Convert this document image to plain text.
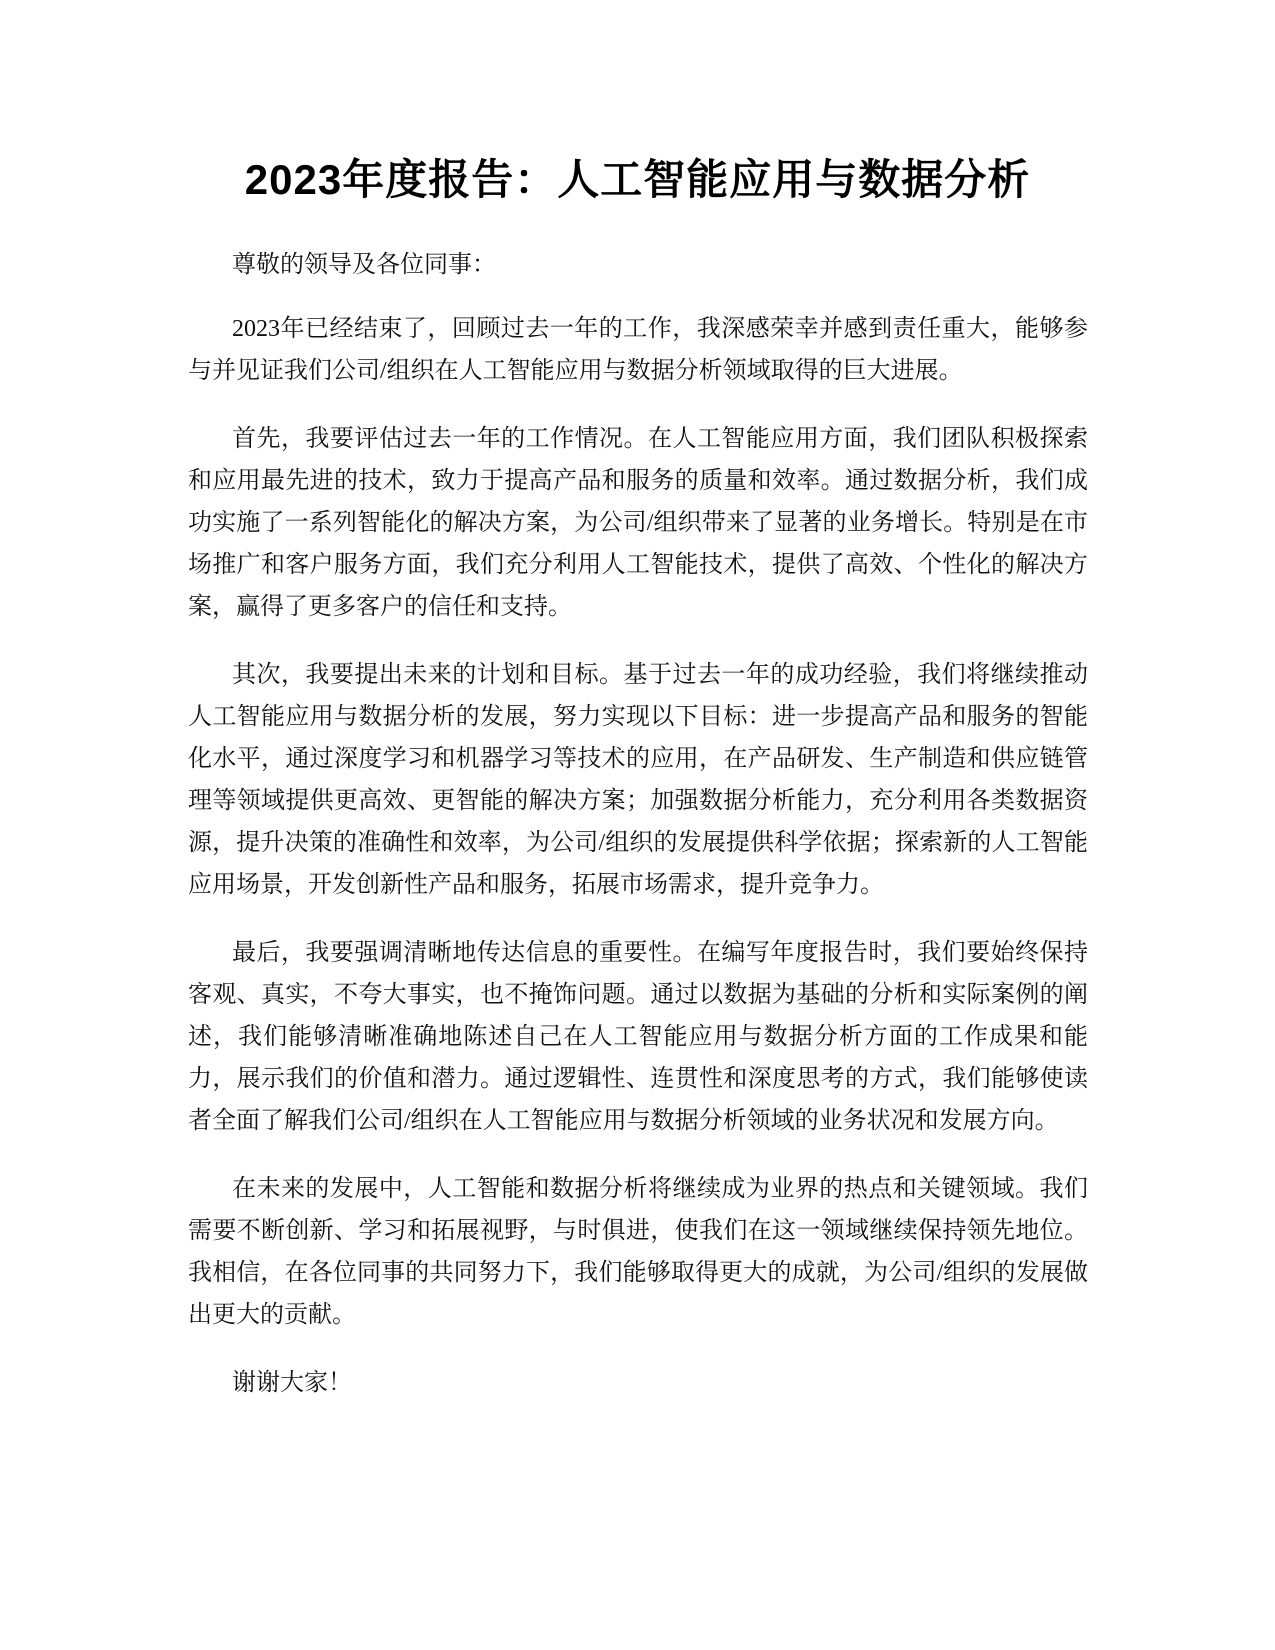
2023年度报告：人工智能应用与数据分析

尊敬的领导及各位同事：

2023年已经结束了，回顾过去一年的工作，我深感荣幸并感到责任重大，能够参与并见证我们公司/组织在人工智能应用与数据分析领域取得的巨大进展。

首先，我要评估过去一年的工作情况。在人工智能应用方面，我们团队积极探索和应用最先进的技术，致力于提高产品和服务的质量和效率。通过数据分析，我们成功实施了一系列智能化的解决方案，为公司/组织带来了显著的业务增长。特别是在市场推广和客户服务方面，我们充分利用人工智能技术，提供了高效、个性化的解决方案，赢得了更多客户的信任和支持。

其次，我要提出未来的计划和目标。基于过去一年的成功经验，我们将继续推动人工智能应用与数据分析的发展，努力实现以下目标：进一步提高产品和服务的智能化水平，通过深度学习和机器学习等技术的应用，在产品研发、生产制造和供应链管理等领域提供更高效、更智能的解决方案；加强数据分析能力，充分利用各类数据资源，提升决策的准确性和效率，为公司/组织的发展提供科学依据；探索新的人工智能应用场景，开发创新性产品和服务，拓展市场需求，提升竞争力。

最后，我要强调清晰地传达信息的重要性。在编写年度报告时，我们要始终保持客观、真实，不夸大事实，也不掩饰问题。通过以数据为基础的分析和实际案例的阐述，我们能够清晰准确地陈述自己在人工智能应用与数据分析方面的工作成果和能力，展示我们的价值和潜力。通过逻辑性、连贯性和深度思考的方式，我们能够使读者全面了解我们公司/组织在人工智能应用与数据分析领域的业务状况和发展方向。

在未来的发展中，人工智能和数据分析将继续成为业界的热点和关键领域。我们需要不断创新、学习和拓展视野，与时俱进，使我们在这一领域继续保持领先地位。我相信，在各位同事的共同努力下，我们能够取得更大的成就，为公司/组织的发展做出更大的贡献。

谢谢大家！
